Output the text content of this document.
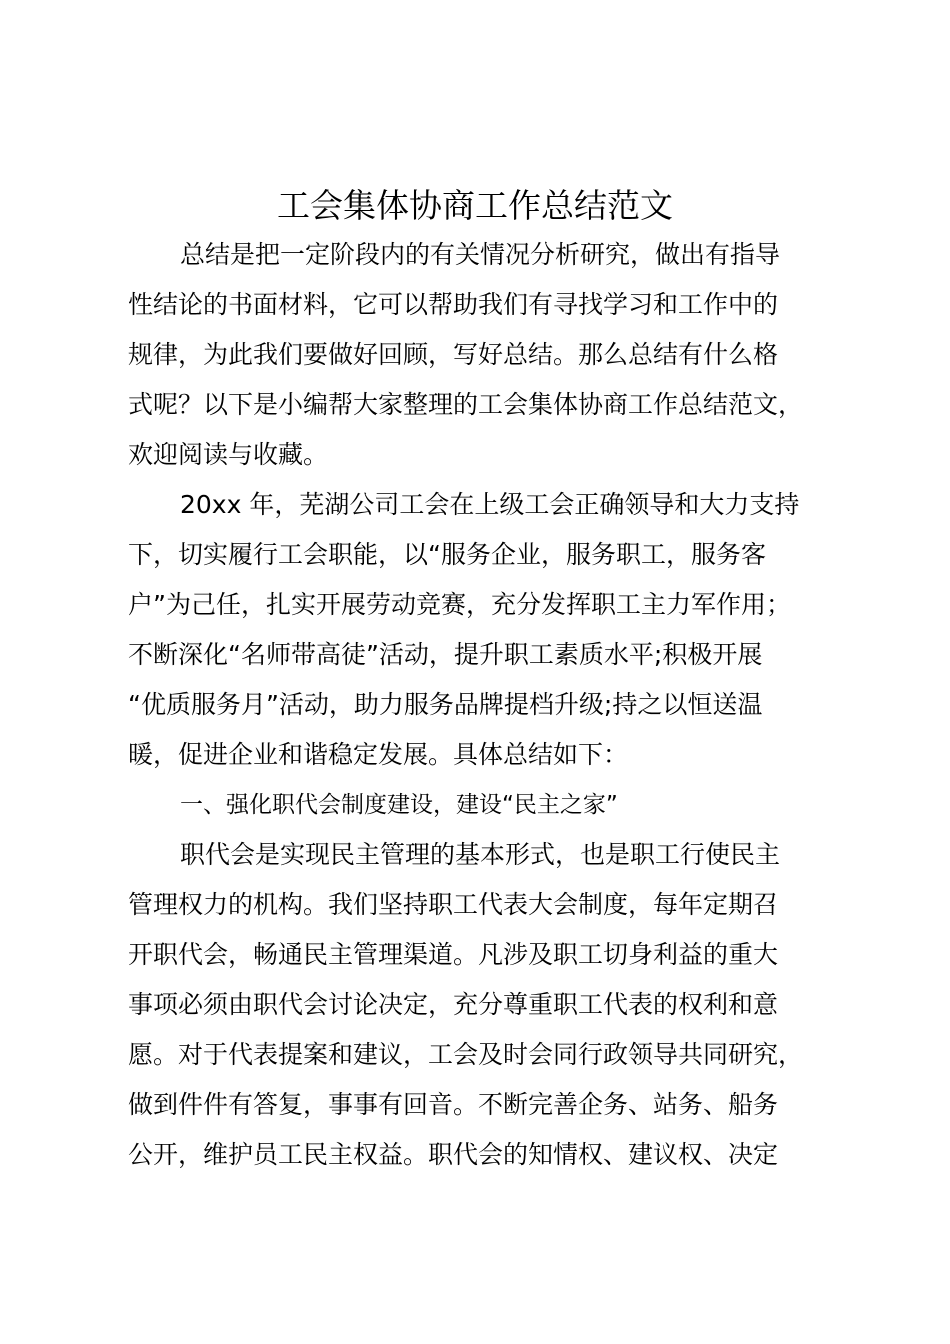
工会集体协商工作总结范文
总结是把一定阶段内的有关情况分析研究，做出有指导
性结论的书面材料，它可以帮助我们有寻找学习和工作中的
规律，为此我们要做好回顾，写好总结。那么总结有什么格
式呢？以下是小编帮大家整理的工会集体协商工作总结范文，
欢迎阅读与收藏。
20xx 年，芜湖公司工会在上级工会正确领导和大力支持
下，切实履行工会职能，以“服务企业，服务职工，服务客
户”为己任，扎实开展劳动竞赛，充分发挥职工主力军作用；
不断深化“名师带高徒”活动，提升职工素质水平;积极开展
“优质服务月”活动，助力服务品牌提档升级;持之以恒送温
暖，促进企业和谐稳定发展。具体总结如下：
一、强化职代会制度建设，建设“民主之家”
职代会是实现民主管理的基本形式，也是职工行使民主
管理权力的机构。我们坚持职工代表大会制度，每年定期召
开职代会，畅通民主管理渠道。凡涉及职工切身利益的重大
事项必须由职代会讨论决定，充分尊重职工代表的权利和意
愿。对于代表提案和建议，工会及时会同行政领导共同研究，
做到件件有答复，事事有回音。不断完善企务、站务、船务
公开，维护员工民主权益。职代会的知情权、建议权、决定
